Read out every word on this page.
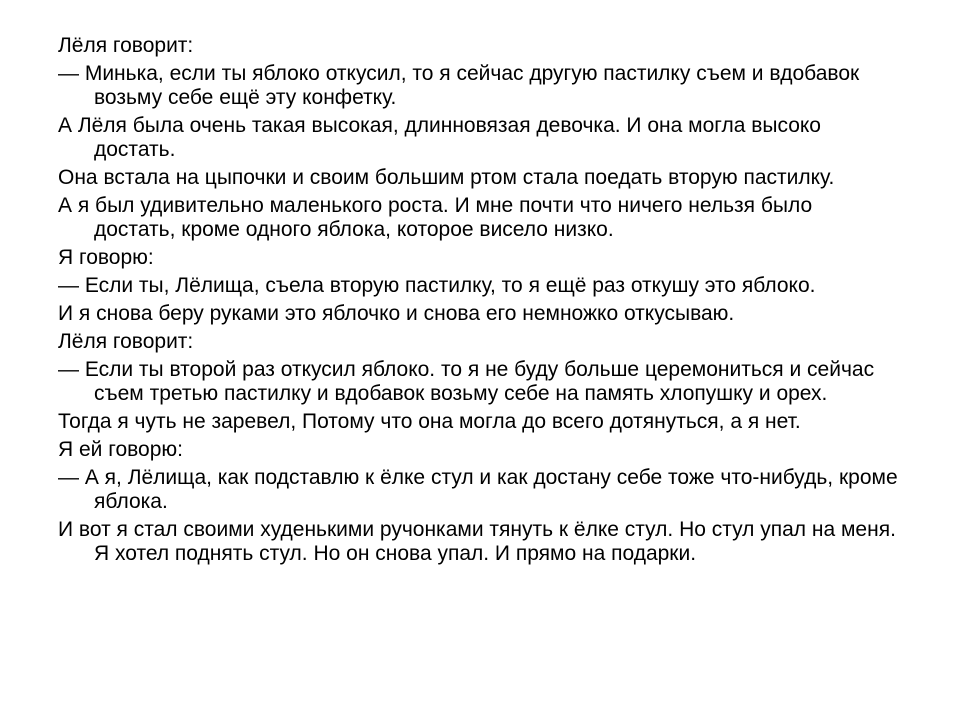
Лёля говорит:

— Минька, если ты яблоко откусил, то я сейчас другую пастилку съем и вдобавок возьму себе ещё эту конфетку.

А Лёля была очень такая высокая, длинновязая девочка. И она могла высоко достать.

Она встала на цыпочки и своим большим ртом стала поедать вторую пастилку.

А я был удивительно маленького роста. И мне почти что ничего нельзя было достать, кроме одного яблока, которое висело низко.

Я говорю:

— Если ты, Лёлища, съела вторую пастилку, то я ещё раз откушу это яблоко.

И я снова беру руками это яблочко и снова его немножко откусываю.

Лёля говорит:

— Если ты второй раз откусил яблоко. то я не буду больше церемониться и сейчас съем третью пастилку и вдобавок возьму себе на память хлопушку и орех.

Тогда я чуть не заревел, Потому что она могла до всего дотянуться, а я нет.

Я ей говорю:

— А я, Лёлища, как подставлю к ёлке стул и как достану себе тоже что-нибудь, кроме яблока.

И вот я стал своими худенькими ручонками тянуть к ёлке стул. Но стул упал на меня. Я хотел поднять стул. Но он снова упал. И прямо на подарки.
